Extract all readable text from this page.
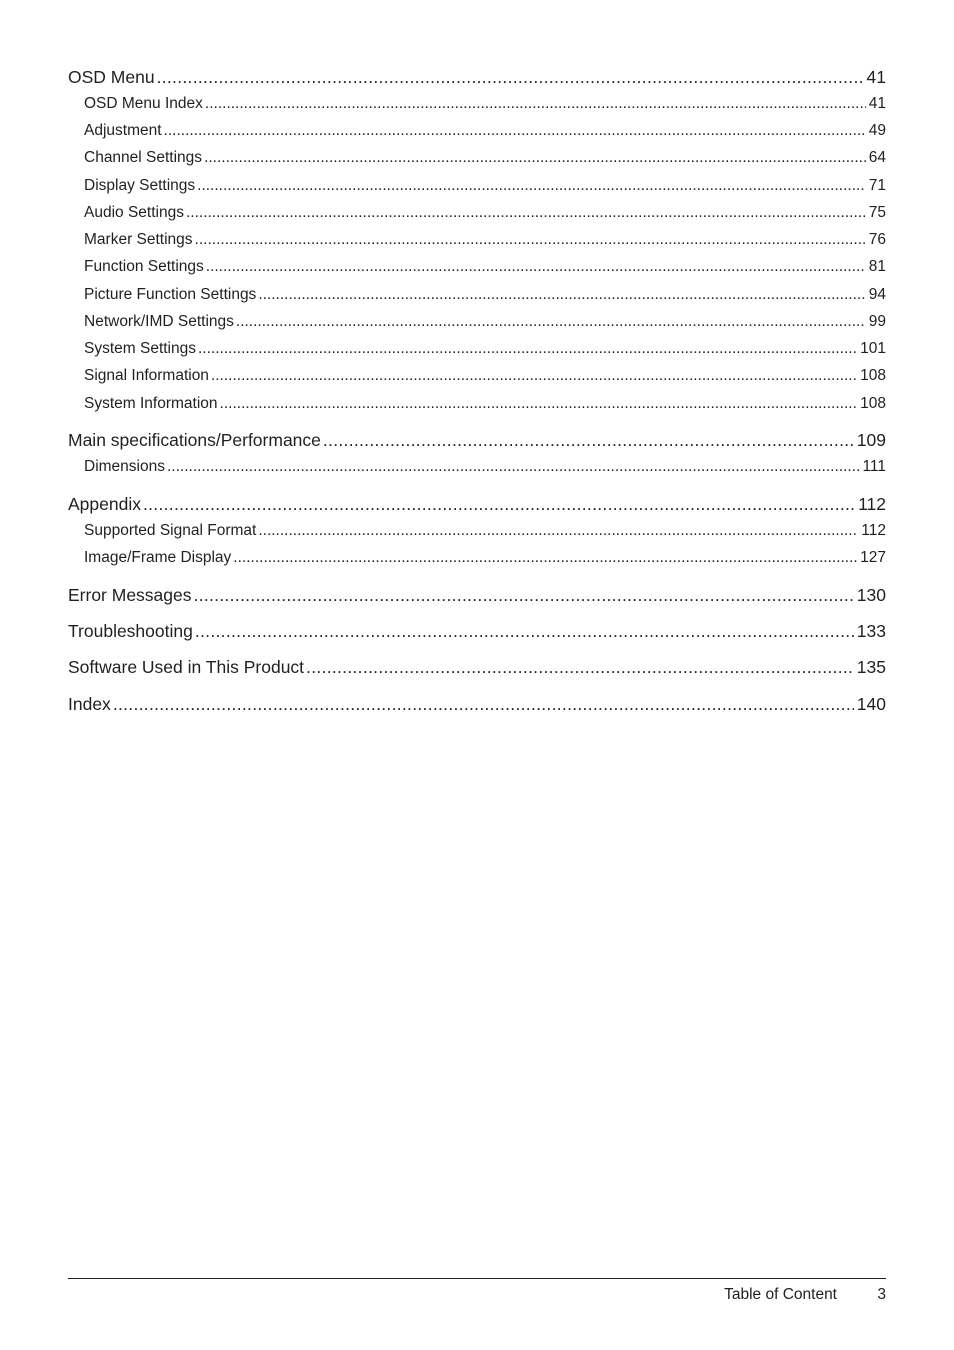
OSD Menu .....	41
OSD Menu Index .....	41
Adjustment .....	49
Channel Settings .....	64
Display Settings .....	71
Audio Settings .....	75
Marker Settings .....	76
Function Settings .....	81
Picture Function Settings .....	94
Network/IMD Settings .....	99
System Settings .....	101
Signal Information .....	108
System Information .....	108
Main specifications/Performance .....	109
Dimensions .....	111
Appendix .....	112
Supported Signal Format .....	112
Image/Frame Display .....	127
Error Messages .....	130
Troubleshooting .....	133
Software Used in This Product .....	135
Index .....	140
Table of Content	3
